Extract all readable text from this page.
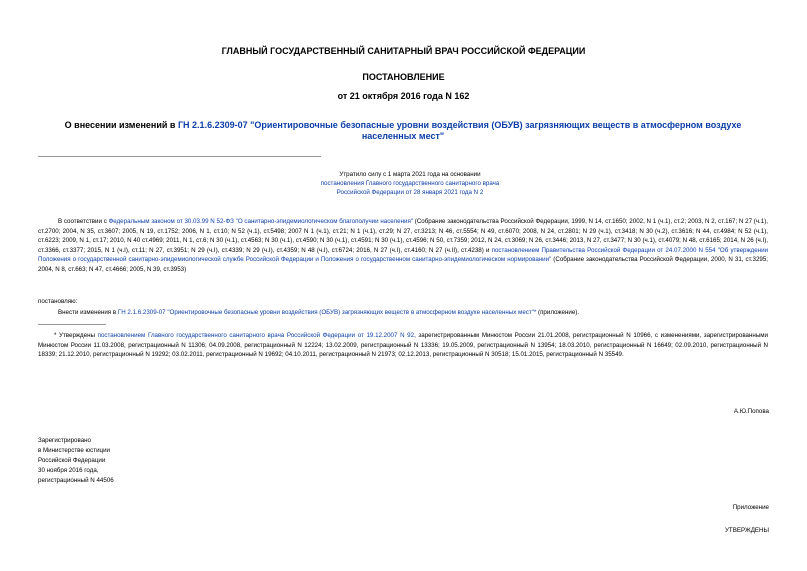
ГЛАВНЫЙ ГОСУДАРСТВЕННЫЙ САНИТАРНЫЙ ВРАЧ РОССИЙСКОЙ ФЕДЕРАЦИИ
ПОСТАНОВЛЕНИЕ
от 21 октября 2016 года N 162
О внесении изменений в ГН 2.1.6.2309-07 "Ориентировочные безопасные уровни воздействия (ОБУВ) загрязняющих веществ в атмосферном воздухе населенных мест"
Утратило силу с 1 марта 2021 года на основании
постановления Главного государственного санитарного врача
Российской Федерации от 28 января 2021 года N 2
В соответствии с Федеральным законом от 30.03.99 N 52-ФЗ "О санитарно-эпидемиологическом благополучии населения" (Собрание законодательства Российской Федерации, 1999, N 14, ст.1650; 2002, N 1 (ч.1), ст.2; 2003, N 2, ст.167; N 27 (ч.1), ст.2700; 2004, N 35, ст.3607; 2005, N 19, ст.1752; 2006, N 1, ст.10; N 52 (ч.1), ст.5498; 2007 N 1 (ч.1), ст.21; N 1 (ч.1), ст.29; N 27, ст.3213; N 46, ст.5554; N 49, ст.6070; 2008, N 24, ст.2801; N 29 (ч.1), ст.3418; N 30 (ч.2), ст.3616; N 44, ст.4984; N 52 (ч.1), ст.6223; 2009, N 1, ст.17; 2010, N 40 ст.4969; 2011, N 1, ст.6; N 30 (ч.1), ст.4563; N 30 (ч.1), ст.4590; N 30 (ч.1), ст.4591; N 30 (ч.1), ст.4596; N 50, ст.7359; 2012, N 24, ст.3069; N 26, ст.3446; 2013, N 27, ст.3477; N 30 (ч.1), ст.4079; N 48, ст.6165; 2014, N 26 (ч.I), ст.3366, ст.3377; 2015, N 1 (ч.I), ст.11; N 27, ст.3951; N 29 (ч.I), ст.4339; N 29 (ч.I), ст.4359; N 48 (ч.I), ст.6724; 2016, N 27 (ч.I), ст.4160; N 27 (ч.II), ст.4238) и постановлением Правительства Российской Федерации от 24.07.2000 N 554 "Об утверждении Положения о государственной санитарно-эпидемиологической службе Российской Федерации и Положения о государственном санитарно-эпидемиологическом нормировании" (Собрание законодательства Российской Федерации, 2000, N 31, ст.3295; 2004, N 8, ст.663; N 47, ст.4666; 2005, N 39, ст.3953)
постановляю:
Внести изменения в ГН 2.1.6.2309-07 "Ориентировочные безопасные уровни воздействия (ОБУВ) загрязняющих веществ в атмосферном воздухе населенных мест"* (приложение).
* Утверждены постановлением Главного государственного санитарного врача Российской Федерации от 19.12.2007 N 92, зарегистрированным Минюстом России 21.01.2008, регистрационный N 10966, с изменениями, зарегистрированными Минюстом России 11.03.2008, регистрационный N 11306; 04.09.2008, регистрационный N 12224; 13.02.2009, регистрационный N 13336; 19.05.2009, регистрационный N 13954; 18.03.2010, регистрационный N 16649; 02.09.2010, регистрационный N 18339; 21.12.2010, регистрационный N 19292; 03.02.2011, регистрационный N 19692; 04.10.2011, регистрационный N 21973; 02.12.2013, регистрационный N 30518; 15.01.2015, регистрационный N 35549.
А.Ю.Попова
Зарегистрировано
в Министерстве юстиции
Российской Федерации
30 ноября 2016 года,
регистрационный N 44506
Приложение
УТВЕРЖДЕНЫ
